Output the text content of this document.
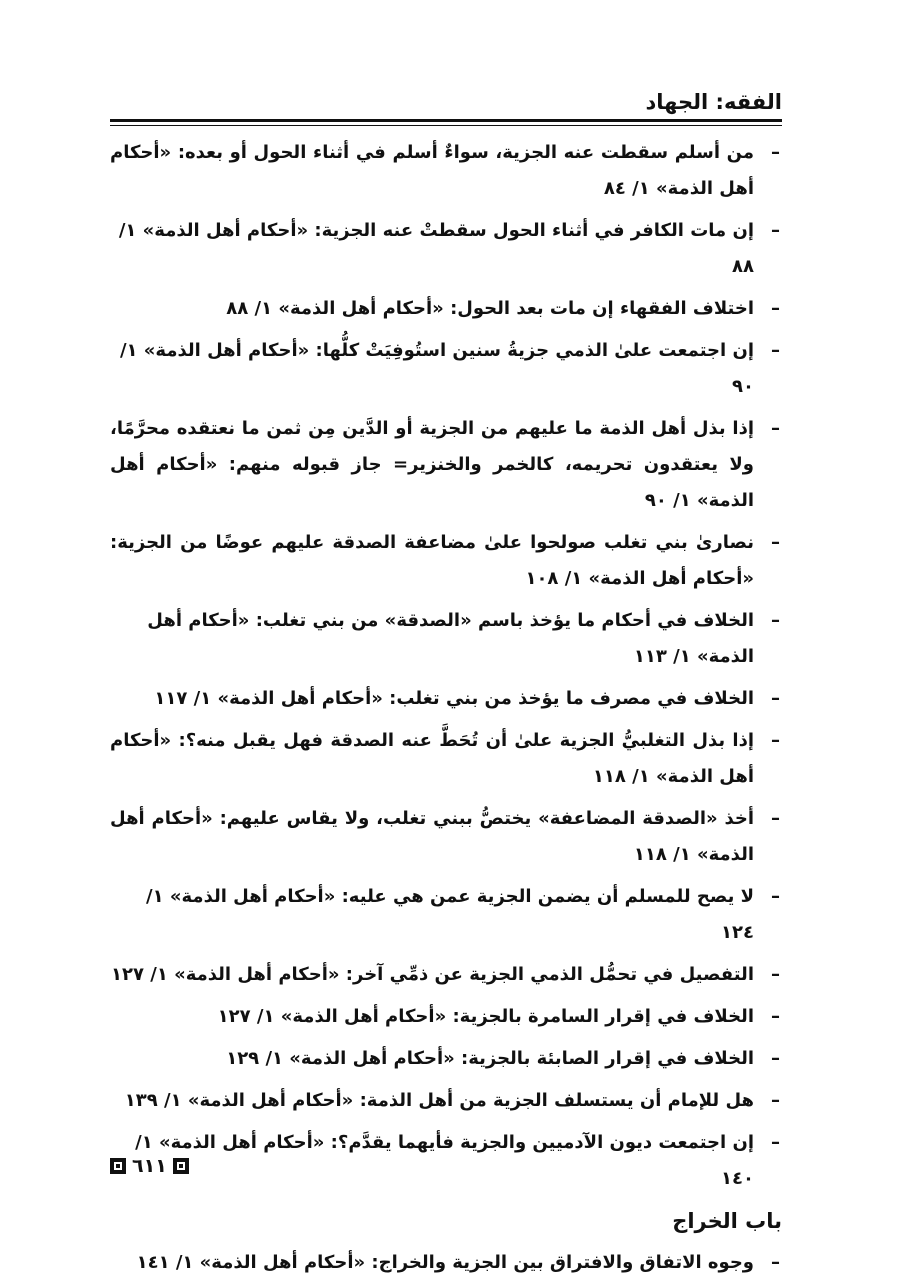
الفقه: الجهاد
–
من أسلم سقطت عنه الجزية، سواءٌ أسلم في أثناء الحول أو بعده: «أحكام أهل الذمة» ١/ ٨٤
–
إن مات الكافر في أثناء الحول سقطتْ عنه الجزية: «أحكام أهل الذمة» ١/ ٨٨
–
اختلاف الفقهاء إن مات بعد الحول: «أحكام أهل الذمة» ١/ ٨٨
–
إن اجتمعت علىٰ الذمي جزيةُ سنين استُوفِيَتْ كلُّها: «أحكام أهل الذمة» ١/ ٩٠
–
إذا بذل أهل الذمة ما عليهم من الجزية أو الدَّين مِن ثمن ما نعتقده محرَّمًا، ولا يعتقدون تحريمه، كالخمر والخنزير= جاز قبوله منهم: «أحكام أهل الذمة» ١/ ٩٠
–
نصارىٰ بني تغلب صولحوا علىٰ مضاعفة الصدقة عليهم عوضًا من الجزية: «أحكام أهل الذمة» ١/ ١٠٨
–
الخلاف في أحكام ما يؤخذ باسم «الصدقة» من بني تغلب: «أحكام أهل الذمة» ١/ ١١٣
–
الخلاف في مصرف ما يؤخذ من بني تغلب: «أحكام أهل الذمة» ١/ ١١٧
–
إذا بذل التغلبيُّ الجزية علىٰ أن تُحَطَّ عنه الصدقة فهل يقبل منه؟: «أحكام أهل الذمة» ١/ ١١٨
–
أخذ «الصدقة المضاعفة» يختصُّ ببني تغلب، ولا يقاس عليهم: «أحكام أهل الذمة» ١/ ١١٨
–
لا يصح للمسلم أن يضمن الجزية عمن هي عليه: «أحكام أهل الذمة» ١/ ١٢٤
–
التفصيل في تحمُّل الذمي الجزية عن ذمِّي آخر: «أحكام أهل الذمة» ١/ ١٢٧
–
الخلاف في إقرار السامرة بالجزية: «أحكام أهل الذمة» ١/ ١٢٧
–
الخلاف في إقرار الصابئة بالجزية: «أحكام أهل الذمة» ١/ ١٢٩
–
هل للإمام أن يستسلف الجزية من أهل الذمة: «أحكام أهل الذمة» ١/ ١٣٩
–
إن اجتمعت ديون الآدميين والجزية فأيهما يقدَّم؟: «أحكام أهل الذمة» ١/ ١٤٠
باب الخراج
–
وجوه الاتفاق والافتراق بين الجزية والخراج: «أحكام أهل الذمة» ١/ ١٤١
٦١١
